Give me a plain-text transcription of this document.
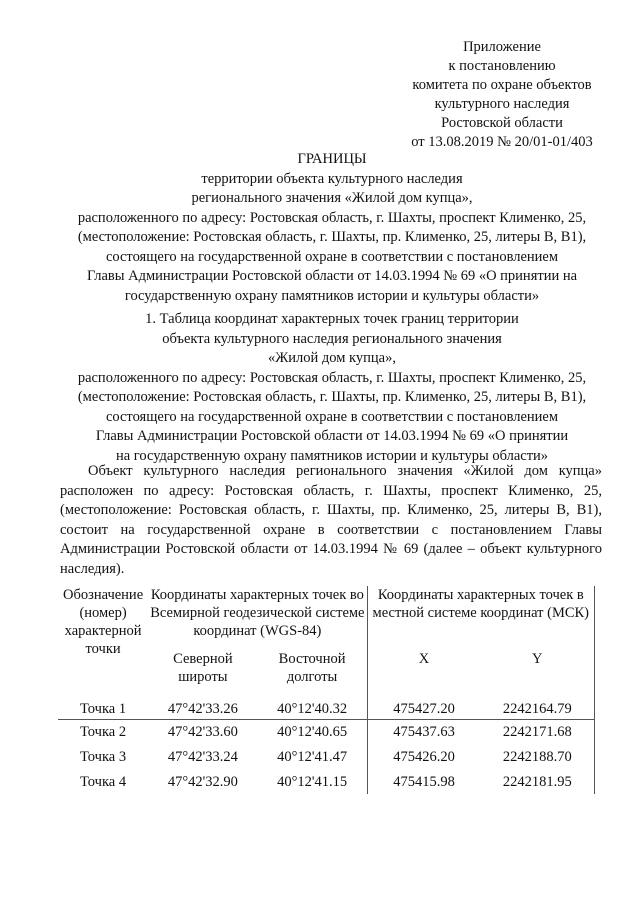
Приложение
к постановлению
комитета по охране объектов
культурного наследия
Ростовской области
от 13.08.2019 № 20/01-01/403
ГРАНИЦЫ
территории объекта культурного наследия
регионального значения «Жилой дом купца»,
расположенного по адресу: Ростовская область, г. Шахты, проспект Клименко, 25,
(местоположение: Ростовская область, г. Шахты, пр. Клименко, 25, литеры В, В1),
состоящего на государственной охране в соответствии с постановлением
Главы Администрации Ростовской области от 14.03.1994 № 69 «О принятии на
государственную охрану памятников истории и культуры области»
1. Таблица координат характерных точек границ территории
объекта культурного наследия регионального значения
«Жилой дом купца»,
расположенного по адресу: Ростовская область, г. Шахты, проспект Клименко, 25,
(местоположение: Ростовская область, г. Шахты, пр. Клименко, 25, литеры В, В1),
состоящего на государственной охране в соответствии с постановлением
Главы Администрации Ростовской области от 14.03.1994 № 69 «О принятии
на государственную охрану памятников истории и культуры области»

Объект культурного наследия регионального значения «Жилой дом купца» расположен по адресу: Ростовская область, г. Шахты, проспект Клименко, 25, (местоположение: Ростовская область, г. Шахты, пр. Клименко, 25, литеры В, В1), состоит на государственной охране в соответствии с постановлением Главы Администрации Ростовской области от 14.03.1994 № 69 (далее – объект культурного наследия).

Обозначение (номер) характерной точки	Координаты характерных точек во Всемирной геодезической системе координат (WGS-84)		Координаты характерных точек в местной системе координат (МСК)	
	Северной широты	Восточной долготы	X	Y
Точка 1	47°42'33.26	40°12'40.32	475427.20	2242164.79
Точка 2	47°42'33.60	40°12'40.65	475437.63	2242171.68
Точка 3	47°42'33.24	40°12'41.47	475426.20	2242188.70
Точка 4	47°42'32.90	40°12'41.15	475415.98	2242181.95
